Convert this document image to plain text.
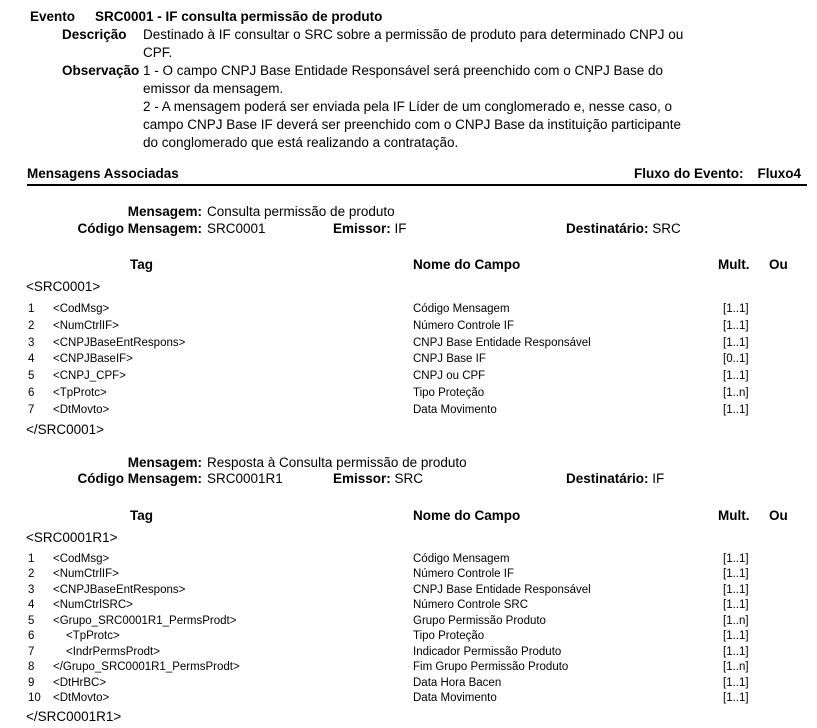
Evento	SRC0001 - IF consulta permissão de produto
Descrição	Destinado à IF consultar o SRC sobre a permissão de produto para determinado CNPJ ou
CPF.
Observação 1 - O campo CNPJ Base Entidade Responsável será preenchido com o CNPJ Base do
emissor da mensagem.
2 - A mensagem poderá ser enviada pela IF Líder de um conglomerado e, nesse caso, o
campo CNPJ Base IF deverá ser preenchido com o CNPJ Base da instituição participante
do conglomerado que está realizando a contratação.
Mensagens Associadas	Fluxo do Evento: Fluxo4
Mensagem: Consulta permissão de produto
Código Mensagem: SRC0001	Emissor: IF	Destinatário: SRC
Tag	Nome do Campo	Mult. Ou
<SRC0001>
1	<CodMsg>	Código Mensagem	[1..1]
2	<NumCtrlIF>	Número Controle IF	[1..1]
3	<CNPJBaseEntRespons>	CNPJ Base Entidade Responsável	[1..1]
4	<CNPJBaseIF>	CNPJ Base IF	[0..1]
5	<CNPJ_CPF>	CNPJ ou CPF	[1..1]
6	<TpProtc>	Tipo Proteção	[1..n]
7	<DtMovto>	Data Movimento	[1..1]
</SRC0001>
Mensagem: Resposta à Consulta permissão de produto
Código Mensagem: SRC0001R1	Emissor: SRC	Destinatário: IF
Tag	Nome do Campo	Mult. Ou
<SRC0001R1>
1	<CodMsg>	Código Mensagem	[1..1]
2	<NumCtrlIF>	Número Controle IF	[1..1]
3	<CNPJBaseEntRespons>	CNPJ Base Entidade Responsável	[1..1]
4	<NumCtrlSRC>	Número Controle SRC	[1..1]
5	<Grupo_SRC0001R1_PermsProdt>	Grupo Permissão Produto	[1..n]
6	<TpProtc>	Tipo Proteção	[1..1]
7	<IndrPermsProdt>	Indicador Permissão Produto	[1..1]
8	</Grupo_SRC0001R1_PermsProdt>	Fim Grupo Permissão Produto	[1..n]
9	<DtHrBC>	Data Hora Bacen	[1..1]
10	<DtMovto>	Data Movimento	[1..1]
</SRC0001R1>
